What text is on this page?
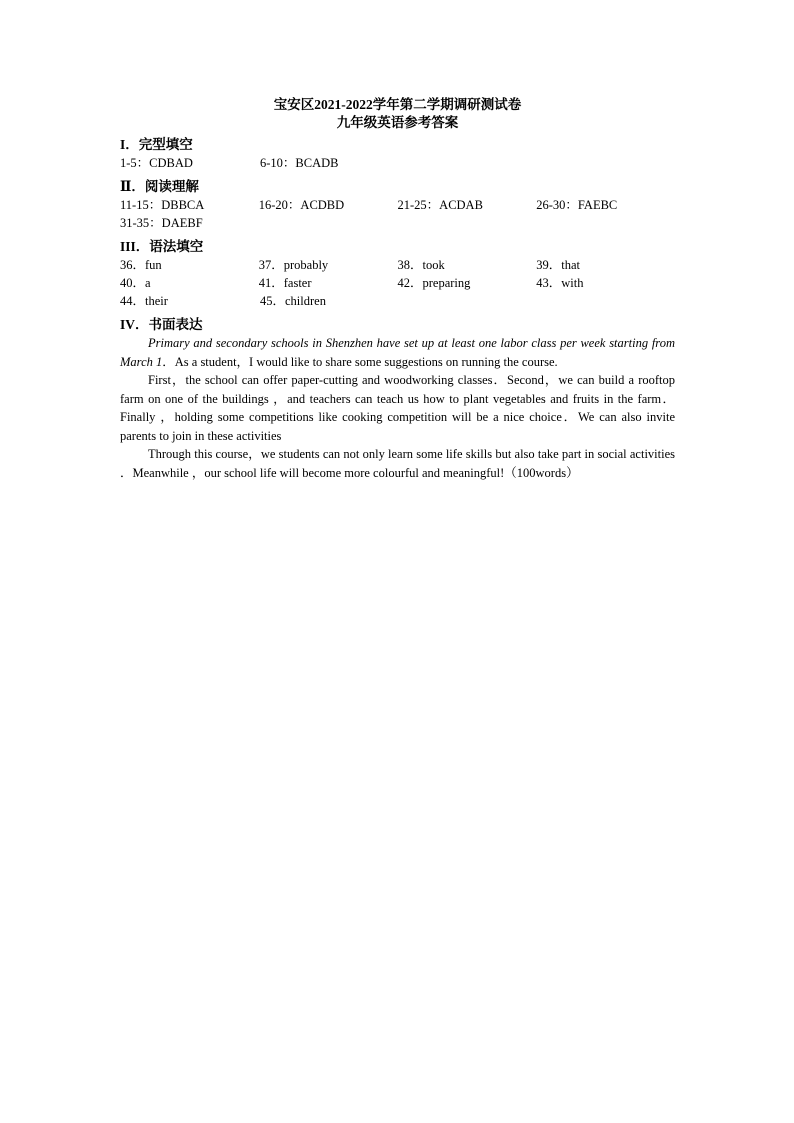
宝安区2021-2022学年第二学期调研测试卷
九年级英语参考答案
I．完型填空
1-5：CDBAD	6-10：BCADB
Ⅱ．阅读理解
11-15：DBBCA	16-20：ACDBD	21-25：ACDAB	26-30：FAEBC
31-35：DAEBF
III．语法填空
36．fun	37．probably	38．took	39．that
40．a	41．faster	42．preparing	43．with
44．their	45．children
IV．书面表达

Primary and secondary schools in Shenzhen have set up at least one labor class per week starting from March 1．As a student，I would like to share some suggestions on running the course.

First，the school can offer paper-cutting and woodworking classes．Second，we can build a rooftop farm on one of the buildings ，and teachers can teach us how to plant vegetables and fruits in the farm．Finally ，holding some competitions like cooking competition will be a nice choice．We can also invite parents to join in these activities

Through this course，we students can not only learn some life skills but also take part in social activities ．Meanwhile ，our school life will become more colourful and meaningful!（100words）
